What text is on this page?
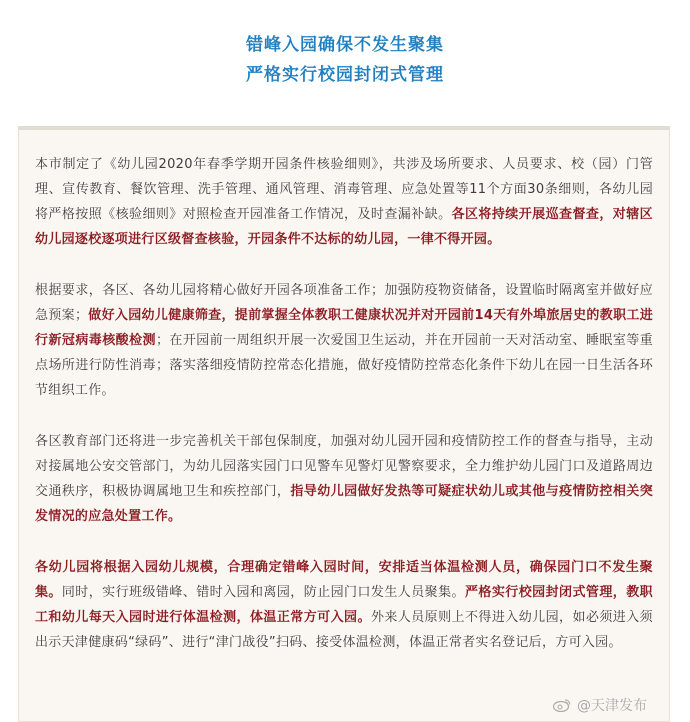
错峰入园确保不发生聚集
严格实行校园封闭式管理

本市制定了《幼儿园2020年春季学期开园条件核验细则》，共涉及场所要求、人员要求、校（园）门管理、宣传教育、餐饮管理、洗手管理、通风管理、消毒管理、应急处置等11个方面30条细则，各幼儿园将严格按照《核验细则》对照检查开园准备工作情况，及时查漏补缺。各区将持续开展巡查督查，对辖区幼儿园逐校逐项进行区级督查核验，开园条件不达标的幼儿园，一律不得开园。

根据要求，各区、各幼儿园将精心做好开园各项准备工作；加强防疫物资储备，设置临时隔离室并做好应急预案；做好入园幼儿健康筛查，提前掌握全体教职工健康状况并对开园前14天有外埠旅居史的教职工进行新冠病毒核酸检测；在开园前一周组织开展一次爱国卫生运动，并在开园前一天对活动室、睡眠室等重点场所进行防性消毒；落实落细疫情防控常态化措施，做好疫情防控常态化条件下幼儿在园一日生活各环节组织工作。

各区教育部门还将进一步完善机关干部包保制度，加强对幼儿园开园和疫情防控工作的督查与指导，主动对接属地公安交管部门，为幼儿园落实园门口见警车见警灯见警察要求，全力维护幼儿园门口及道路周边交通秩序，积极协调属地卫生和疾控部门，指导幼儿园做好发热等可疑症状幼儿或其他与疫情防控相关突发情况的应急处置工作。

各幼儿园将根据入园幼儿规模，合理确定错峰入园时间，安排适当体温检测人员，确保园门口不发生聚集。同时，实行班级错峰、错时入园和离园，防止园门口发生人员聚集。严格实行校园封闭式管理，教职工和幼儿每天入园时进行体温检测，体温正常方可入园。外来人员原则上不得进入幼儿园，如必须进入须出示天津健康码“绿码”、进行“津门战役”扫码、接受体温检测，体温正常者实名登记后，方可入园。

@天津发布
